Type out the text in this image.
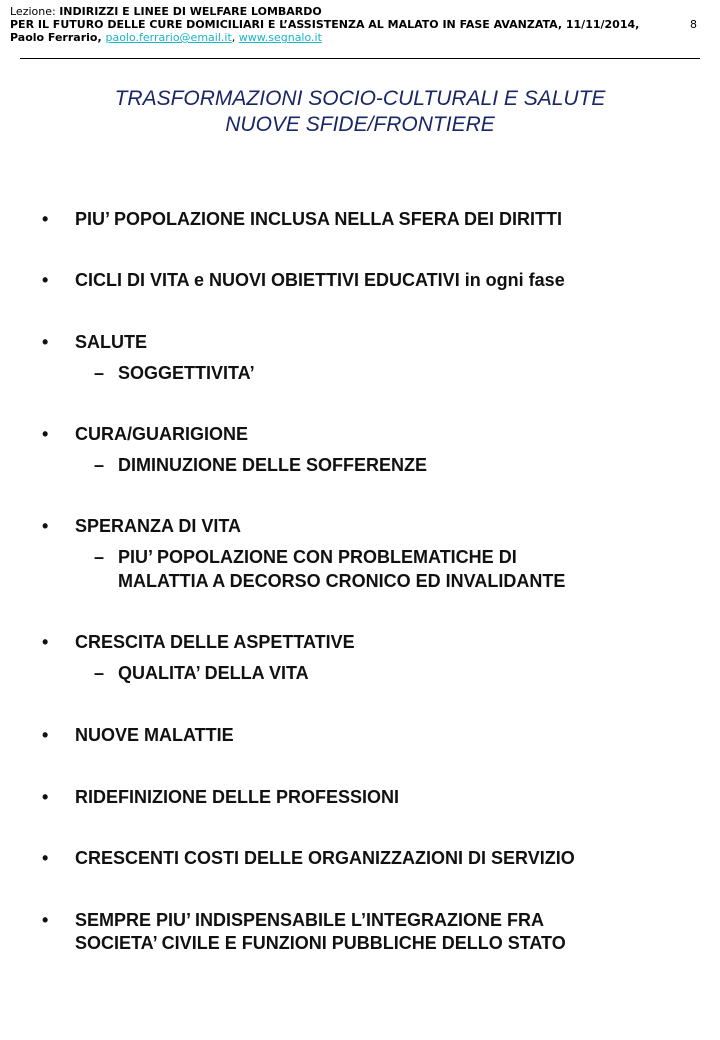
Lezione: INDIRIZZI E LINEE DI WELFARE LOMBARDO
PER IL FUTURO DELLE CURE DOMICILIARI E L’ASSISTENZA AL MALATO IN FASE AVANZATA, 11/11/2014,
Paolo Ferrario, paolo.ferrario@email.it, www.segnalo.it
8
TRASFORMAZIONI SOCIO-CULTURALI E SALUTE
NUOVE SFIDE/FRONTIERE
• PIU’ POPOLAZIONE INCLUSA NELLA SFERA DEI DIRITTI
• CICLI DI VITA e NUOVI OBIETTIVI EDUCATIVI in ogni fase
• SALUTE
– SOGGETTIVITA’
• CURA/GUARIGIONE
– DIMINUZIONE DELLE SOFFERENZE
• SPERANZA DI VITA
– PIU’ POPOLAZIONE CON PROBLEMATICHE DI
MALATTIA A DECORSO CRONICO ED INVALIDANTE
• CRESCITA DELLE ASPETTATIVE
– QUALITA’ DELLA VITA
• NUOVE MALATTIE
• RIDEFINIZIONE DELLE PROFESSIONI
• CRESCENTI COSTI DELLE ORGANIZZAZIONI DI SERVIZIO
• SEMPRE PIU’ INDISPENSABILE L’INTEGRAZIONE FRA
SOCIETA’ CIVILE E FUNZIONI PUBBLICHE DELLO STATO
